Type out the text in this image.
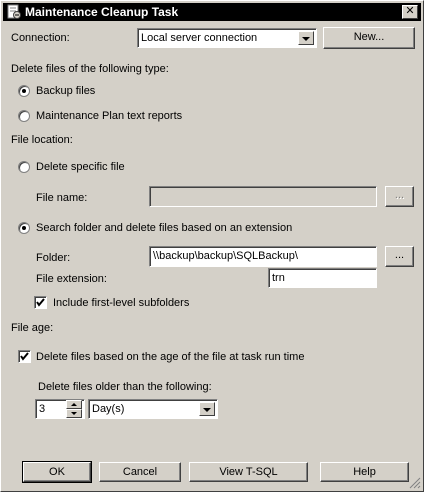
Maintenance Cleanup Task	✕
Connection:	Local server connection	New...
Delete files of the following type:
Backup files
Maintenance Plan text reports
File location:
Delete specific file
File name:	...
Search folder and delete files based on an extension
Folder:	\\backup\backup\SQLBackup\	...
File extension:	trn
Include first-level subfolders
File age:
Delete files based on the age of the file at task run time
Delete files older than the following:
3	Day(s)
OK	Cancel	View T-SQL	Help
